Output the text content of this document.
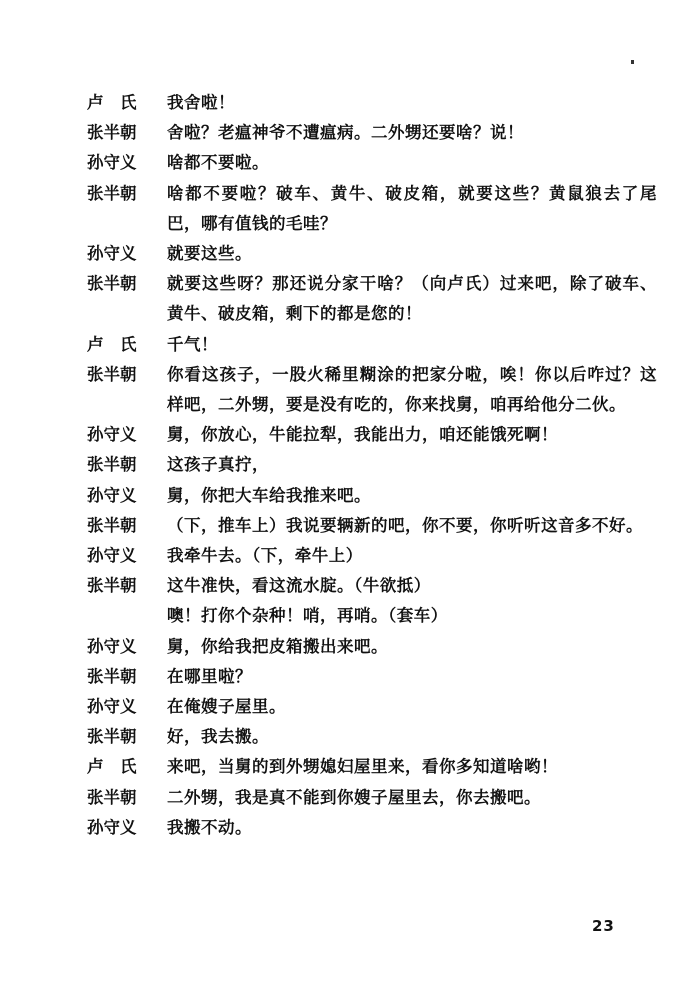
卢　氏	我舍啦！
张半朝	舍啦？老瘟神爷不遭瘟病。二外甥还要啥？说！
孙守义	啥都不要啦。
张半朝	啥都不要啦？破车、黄牛、破皮箱，就要这些？黄鼠狼去了尾巴，哪有值钱的毛哇？
孙守义	就要这些。
张半朝	就要这些呀？那还说分家干啥？（向卢氏）过来吧，除了破车、黄牛、破皮箱，剩下的都是您的！
卢　氏	千气！
张半朝	你看这孩子，一股火稀里糊涂的把家分啦，唉！你以后咋过？这样吧，二外甥，要是没有吃的，你来找舅，咱再给他分二伙。
孙守义	舅，你放心，牛能拉犁，我能出力，咱还能饿死啊！
张半朝	这孩子真拧，
孙守义	舅，你把大车给我推来吧。
张半朝	（下，推车上）我说要辆新的吧，你不要，你听听这音多不好。
孙守义	我牵牛去。（下，牵牛上）
张半朝	这牛准快，看这流水腚。（牛欲抵）
噢！打你个杂种！哨，再哨。（套车）
孙守义	舅，你给我把皮箱搬出来吧。
张半朝	在哪里啦？
孙守义	在俺嫂子屋里。
张半朝	好，我去搬。
卢　氏	来吧，当舅的到外甥媳妇屋里来，看你多知道啥哟！
张半朝	二外甥，我是真不能到你嫂子屋里去，你去搬吧。
孙守义	我搬不动。
23
